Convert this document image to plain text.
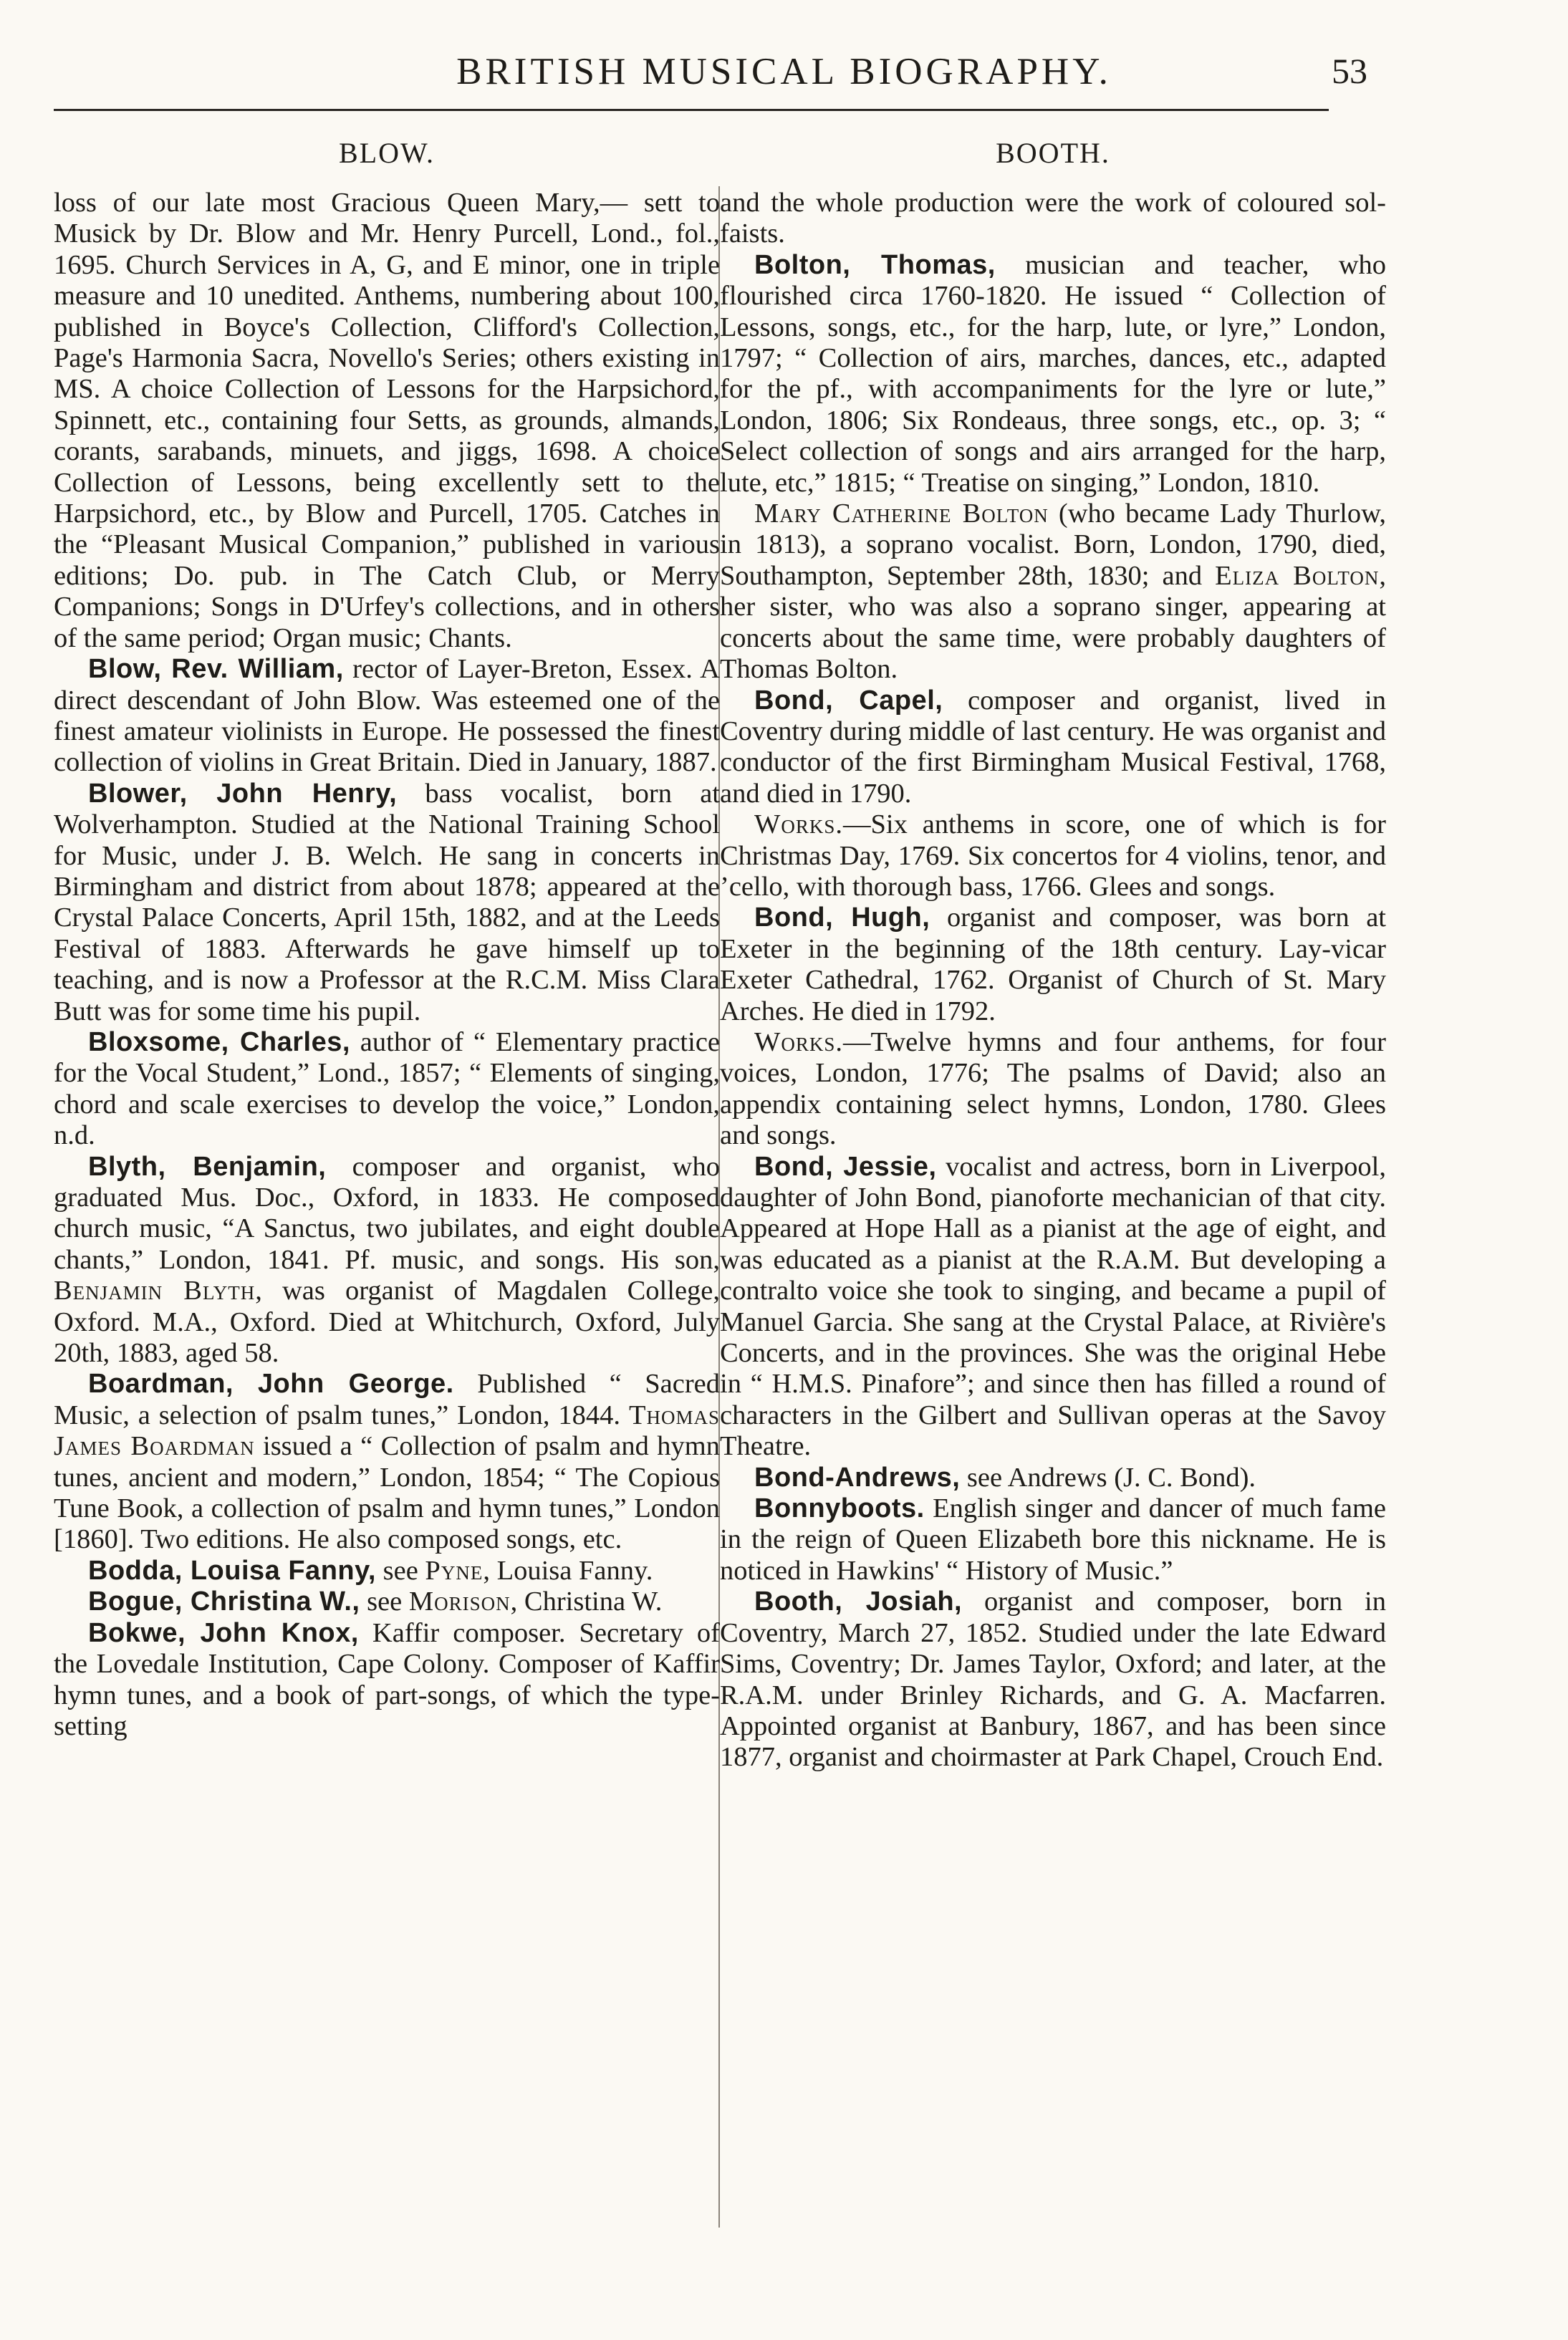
BRITISH MUSICAL BIOGRAPHY.	53
BLOW.

loss of our late most Gracious Queen Mary,— sett to Musick by Dr. Blow and Mr. Henry Purcell, Lond., fol., 1695. Church Services in A, G, and E minor, one in triple measure and 10 unedited. Anthems, numbering about 100, published in Boyce's Collection, Clifford's Collection, Page's Harmonia Sacra, Novello's Series; others existing in MS. A choice Collection of Lessons for the Harpsichord, Spinnett, etc., containing four Setts, as grounds, almands, corants, sarabands, minuets, and jiggs, 1698. A choice Collection of Lessons, being excellently sett to the Harpsichord, etc., by Blow and Purcell, 1705. Catches in the “Pleasant Musical Companion,” published in various editions; Do. pub. in The Catch Club, or Merry Companions; Songs in D'Urfey's collections, and in others of the same period; Organ music; Chants.

Blow, Rev. William, rector of Layer-Breton, Essex. A direct descendant of John Blow. Was esteemed one of the finest amateur violinists in Europe. He possessed the finest collection of violins in Great Britain. Died in January, 1887.

Blower, John Henry, bass vocalist, born at Wolverhampton. Studied at the National Training School for Music, under J. B. Welch. He sang in concerts in Birmingham and district from about 1878; appeared at the Crystal Palace Concerts, April 15th, 1882, and at the Leeds Festival of 1883. Afterwards he gave himself up to teaching, and is now a Professor at the R.C.M. Miss Clara Butt was for some time his pupil.

Bloxsome, Charles, author of “ Elementary practice for the Vocal Student,” Lond., 1857; “ Elements of singing, chord and scale exercises to develop the voice,” London, n.d.

Blyth, Benjamin, composer and organist, who graduated Mus. Doc., Oxford, in 1833. He composed church music, “A Sanctus, two jubilates, and eight double chants,” London, 1841. Pf. music, and songs. His son, Benjamin Blyth, was organist of Magdalen College, Oxford. M.A., Oxford. Died at Whitchurch, Oxford, July 20th, 1883, aged 58.

Boardman, John George. Published “ Sacred Music, a selection of psalm tunes,” London, 1844. Thomas James Boardman issued a “ Collection of psalm and hymn tunes, ancient and modern,” London, 1854; “ The Copious Tune Book, a collection of psalm and hymn tunes,” London [1860]. Two editions. He also composed songs, etc.

Bodda, Louisa Fanny, see Pyne, Louisa Fanny.

Bogue, Christina W., see Morison, Christina W.

Bokwe, John Knox, Kaffir composer. Secretary of the Lovedale Institution, Cape Colony. Composer of Kaffir hymn tunes, and a book of part-songs, of which the type-setting

BOOTH.

and the whole production were the work of coloured sol-faists.

Bolton, Thomas, musician and teacher, who flourished circa 1760-1820. He issued “ Collection of Lessons, songs, etc., for the harp, lute, or lyre,” London, 1797; “ Collection of airs, marches, dances, etc., adapted for the pf., with accompaniments for the lyre or lute,” London, 1806; Six Rondeaus, three songs, etc., op. 3; “ Select collection of songs and airs arranged for the harp, lute, etc,” 1815; “ Treatise on singing,” London, 1810.

Mary Catherine Bolton (who became Lady Thurlow, in 1813), a soprano vocalist. Born, London, 1790, died, Southampton, September 28th, 1830; and Eliza Bolton, her sister, who was also a soprano singer, appearing at concerts about the same time, were probably daughters of Thomas Bolton.

Bond, Capel, composer and organist, lived in Coventry during middle of last century. He was organist and conductor of the first Birmingham Musical Festival, 1768, and died in 1790.

Works.—Six anthems in score, one of which is for Christmas Day, 1769. Six concertos for 4 violins, tenor, and ’cello, with thorough bass, 1766. Glees and songs.

Bond, Hugh, organist and composer, was born at Exeter in the beginning of the 18th century. Lay-vicar Exeter Cathedral, 1762. Organist of Church of St. Mary Arches. He died in 1792.

Works.—Twelve hymns and four anthems, for four voices, London, 1776; The psalms of David; also an appendix containing select hymns, London, 1780. Glees and songs.

Bond, Jessie, vocalist and actress, born in Liverpool, daughter of John Bond, pianoforte mechanician of that city. Appeared at Hope Hall as a pianist at the age of eight, and was educated as a pianist at the R.A.M. But developing a contralto voice she took to singing, and became a pupil of Manuel Garcia. She sang at the Crystal Palace, at Rivière's Concerts, and in the provinces. She was the original Hebe in “ H.M.S. Pinafore”; and since then has filled a round of characters in the Gilbert and Sullivan operas at the Savoy Theatre.

Bond-Andrews, see Andrews (J. C. Bond).

Bonnyboots. English singer and dancer of much fame in the reign of Queen Elizabeth bore this nickname. He is noticed in Hawkins' “ History of Music.”

Booth, Josiah, organist and composer, born in Coventry, March 27, 1852. Studied under the late Edward Sims, Coventry; Dr. James Taylor, Oxford; and later, at the R.A.M. under Brinley Richards, and G. A. Macfarren. Appointed organist at Banbury, 1867, and has been since 1877, organist and choirmaster at Park Chapel, Crouch End.
